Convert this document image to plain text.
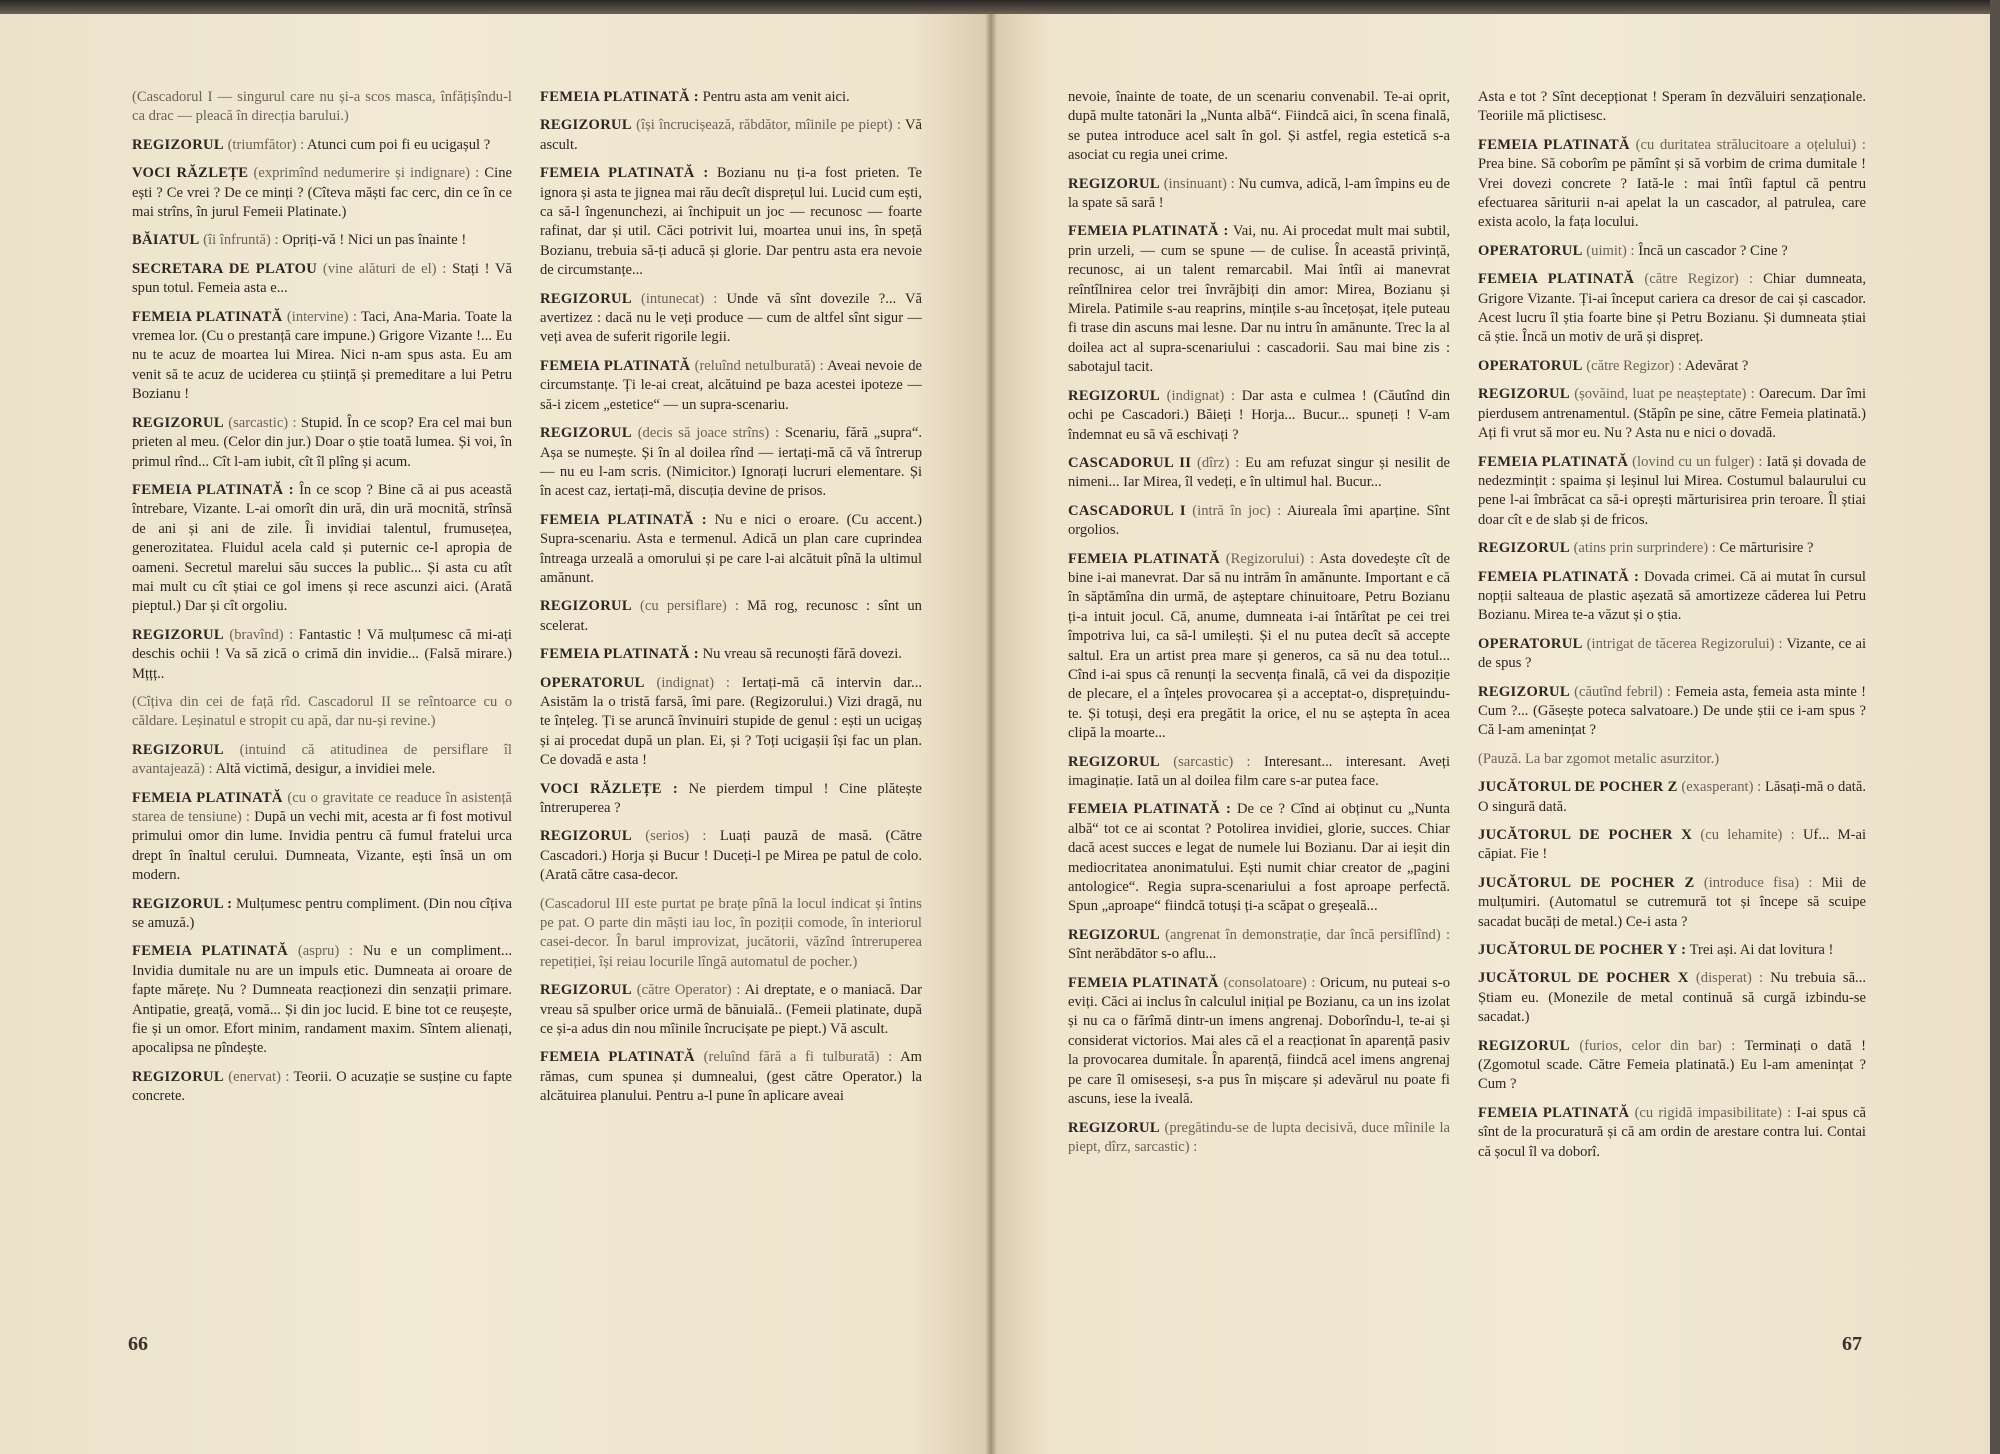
(Cascadorul I — singurul care nu și-a scos masca, înfățișîndu-l ca drac — pleacă în direcția barului.)

REGIZORUL (triumfător) : Atunci cum poi fi eu ucigașul ?

VOCI RĂZLEȚE (exprimînd nedumerire și indignare) : Cine ești ? Ce vrei ? De ce minți ? (Cîteva măști fac cerc, din ce în ce mai strîns, în jurul Femeii Platinate.)

BĂIATUL (îi înfruntă) : Opriți-vă ! Nici un pas înainte !

SECRETARA DE PLATOU (vine alături de el) : Stați ! Vă spun totul. Femeia asta e...

FEMEIA PLATINATĂ (intervine) : Taci, Ana-Maria. Toate la vremea lor. (Cu o prestanță care impune.) Grigore Vizante !... Eu nu te acuz de moartea lui Mirea. Nici n-am spus asta. Eu am venit să te acuz de uciderea cu știință și premeditare a lui Petru Bozianu !

REGIZORUL (sarcastic) : Stupid. În ce scop? Era cel mai bun prieten al meu. (Celor din jur.) Doar o știe toată lumea. Și voi, în primul rînd... Cît l-am iubit, cît îl plîng și acum.

FEMEIA PLATINATĂ : În ce scop ? Bine că ai pus această întrebare, Vizante. L-ai omorît din ură, din ură mocnită, strînsă de ani și ani de zile. Îi invidiai talentul, frumusețea, generozitatea. Fluidul acela cald și puternic ce-l apropia de oameni. Secretul marelui său succes la public... Și asta cu atît mai mult cu cît știai ce gol imens și rece ascunzi aici. (Arată pieptul.) Dar și cît orgoliu.

REGIZORUL (bravînd) : Fantastic ! Vă mulțumesc că mi-ați deschis ochii ! Va să zică o crimă din invidie... (Falsă mirare.) Mțțț..

(Cîțiva din cei de față rîd. Cascadorul II se reîntoarce cu o căldare. Leșinatul e stropit cu apă, dar nu-și revine.)

REGIZORUL (intuind că atitudinea de persiflare îl avantajează) : Altă victimă, desigur, a invidiei mele.

FEMEIA PLATINATĂ (cu o gravitate ce readuce în asistență starea de tensiune) : După un vechi mit, acesta ar fi fost motivul primului omor din lume. Invidia pentru că fumul fratelui urca drept în înaltul cerului. Dumneata, Vizante, ești însă un om modern.

REGIZORUL : Mulțumesc pentru compliment. (Din nou cîțiva se amuză.)

FEMEIA PLATINATĂ (aspru) : Nu e un compliment... Invidia dumitale nu are un impuls etic. Dumneata ai oroare de fapte mărețe. Nu ? Dumneata reacționezi din senzații primare. Antipatie, greață, vomă... Și din joc lucid. E bine tot ce reușește, fie și un omor. Efort minim, randament maxim. Sîntem alienați, apocalipsa ne pîndește.

REGIZORUL (enervat) : Teorii. O acuzație se susține cu fapte concrete.

FEMEIA PLATINATĂ : Pentru asta am venit aici.

REGIZORUL (își încrucișează, răbdător, mîinile pe piept) : Vă ascult.

FEMEIA PLATINATĂ : Bozianu nu ți-a fost prieten. Te ignora și asta te jignea mai rău decît disprețul lui. Lucid cum ești, ca să-l îngenunchezi, ai închipuit un joc — recunosc — foarte rafinat, dar și util. Căci potrivit lui, moartea unui ins, în speță Bozianu, trebuia să-ți aducă și glorie. Dar pentru asta era nevoie de circumstanțe...

REGIZORUL (intunecat) : Unde vă sînt dovezile ?... Vă avertizez : dacă nu le veți produce — cum de altfel sînt sigur — veți avea de suferit rigorile legii.

FEMEIA PLATINATĂ (reluînd netulburată) : Aveai nevoie de circumstanțe. Ți le-ai creat, alcătuind pe baza acestei ipoteze — să-i zicem „estetice“ — un supra-scenariu.

REGIZORUL (decis să joace strîns) : Scenariu, fără „supra“. Așa se numește. Și în al doilea rînd — iertați-mă că vă întrerup — nu eu l-am scris. (Nimicitor.) Ignorați lucruri elementare. Și în acest caz, iertați-mă, discuția devine de prisos.

FEMEIA PLATINATĂ : Nu e nici o eroare. (Cu accent.) Supra-scenariu. Asta e termenul. Adică un plan care cuprindea întreaga urzeală a omorului și pe care l-ai alcătuit pînă la ultimul amănunt.

REGIZORUL (cu persiflare) : Mă rog, recunosc : sînt un scelerat.

FEMEIA PLATINATĂ : Nu vreau să recunoști fără dovezi.

OPERATORUL (indignat) : Iertați-mă că intervin dar... Asistăm la o tristă farsă, îmi pare. (Regizorului.) Vizi dragă, nu te înțeleg. Ți se aruncă învinuiri stupide de genul : ești un ucigaș și ai procedat după un plan. Ei, și ? Toți ucigașii își fac un plan. Ce dovadă e asta !

VOCI RĂZLEȚE : Ne pierdem timpul ! Cine plătește întreruperea ?

REGIZORUL (serios) : Luați pauză de masă. (Către Cascadori.) Horja și Bucur ! Duceți-l pe Mirea pe patul de colo. (Arată către casa-decor.

(Cascadorul III este purtat pe brațe pînă la locul indicat și întins pe pat. O parte din măști iau loc, în poziții comode, în interiorul casei-decor. În barul improvizat, jucătorii, văzînd întreruperea repetiției, își reiau locurile lîngă automatul de pocher.)

REGIZORUL (către Operator) : Ai dreptate, e o maniacă. Dar vreau să spulber orice urmă de bănuială.. (Femeii platinate, după ce și-a adus din nou mîinile încrucișate pe piept.) Vă ascult.

FEMEIA PLATINATĂ (reluînd fără a fi tulburată) : Am rămas, cum spunea și dumnealui, (gest către Operator.) la alcătuirea planului. Pentru a-l pune în aplicare aveai

66

nevoie, înainte de toate, de un scenariu convenabil. Te-ai oprit, după multe tatonări la „Nunta albă“. Fiindcă aici, în scena finală, se putea introduce acel salt în gol. Și astfel, regia estetică s-a asociat cu regia unei crime.

REGIZORUL (insinuant) : Nu cumva, adică, l-am împins eu de la spate să sară !

FEMEIA PLATINATĂ : Vai, nu. Ai procedat mult mai subtil, prin urzeli, — cum se spune — de culise. În această privință, recunosc, ai un talent remarcabil. Mai întîi ai manevrat reîntîlnirea celor trei învrăjbiți din amor: Mirea, Bozianu și Mirela. Patimile s-au reaprins, mințile s-au încețoșat, ițele puteau fi trase din ascuns mai lesne. Dar nu intru în amănunte. Trec la al doilea act al supra-scenariului : cascadorii. Sau mai bine zis : sabotajul tacit.

REGIZORUL (indignat) : Dar asta e culmea ! (Căutînd din ochi pe Cascadori.) Băieți ! Horja... Bucur... spuneți ! V-am îndemnat eu să vă eschivați ?

CASCADORUL II (dîrz) : Eu am refuzat singur și nesilit de nimeni... Iar Mirea, îl vedeți, e în ultimul hal. Bucur...

CASCADORUL I (intră în joc) : Aiureala îmi aparține. Sînt orgolios.

FEMEIA PLATINATĂ (Regizorului) : Asta dovedește cît de bine i-ai manevrat. Dar să nu intrăm în amănunte. Important e că în săptămîna din urmă, de așteptare chinuitoare, Petru Bozianu ți-a intuit jocul. Că, anume, dumneata i-ai întărîtat pe cei trei împotriva lui, ca să-l umilești. Și el nu putea decît să accepte saltul. Era un artist prea mare și generos, ca să nu dea totul... Cînd i-ai spus că renunți la secvența finală, că vei da dispoziție de plecare, el a înțeles provocarea și a acceptat-o, disprețuindu-te. Și totuși, deși era pregătit la orice, el nu se aștepta în acea clipă la moarte...

REGIZORUL (sarcastic) : Interesant... interesant. Aveți imaginație. Iată un al doilea film care s-ar putea face.

FEMEIA PLATINATĂ : De ce ? Cînd ai obținut cu „Nunta albă“ tot ce ai scontat ? Potolirea invidiei, glorie, succes. Chiar dacă acest succes e legat de numele lui Bozianu. Dar ai ieșit din mediocritatea anonimatului. Ești numit chiar creator de „pagini antologice“. Regia supra-scenariului a fost aproape perfectă. Spun „aproape“ fiindcă totuși ți-a scăpat o greșeală...

REGIZORUL (angrenat în demonstrație, dar încă persiflînd) : Sînt nerăbdător s-o aflu...

FEMEIA PLATINATĂ (consolatoare) : Oricum, nu puteai s-o eviți. Căci ai inclus în calculul inițial pe Bozianu, ca un ins izolat și nu ca o fărîmă dintr-un imens angrenaj. Doborîndu-l, te-ai și considerat victorios. Mai ales că el a reacționat în aparență pasiv la provocarea dumitale. În aparență, fiindcă acel imens angrenaj pe care îl omiseseși, s-a pus în mișcare și adevărul nu poate fi ascuns, iese la iveală.

REGIZORUL (pregătindu-se de lupta decisivă, duce mîinile la piept, dîrz, sarcastic) :

Asta e tot ? Sînt decepționat ! Speram în dezvăluiri senzaționale. Teoriile mă plictisesc.

FEMEIA PLATINATĂ (cu duritatea strălucitoare a oțelului) : Prea bine. Să coborîm pe pămînt și să vorbim de crima dumitale ! Vrei dovezi concrete ? Iată-le : mai întîi faptul că pentru efectuarea săriturii n-ai apelat la un cascador, al patrulea, care exista acolo, la fața locului.

OPERATORUL (uimit) : Încă un cascador ? Cine ?

FEMEIA PLATINATĂ (către Regizor) : Chiar dumneata, Grigore Vizante. Ți-ai început cariera ca dresor de cai și cascador. Acest lucru îl știa foarte bine și Petru Bozianu. Și dumneata știai că știe. Încă un motiv de ură și dispreț.

OPERATORUL (către Regizor) : Adevărat ?

REGIZORUL (șovăind, luat pe neașteptate) : Oarecum. Dar îmi pierdusem antrenamentul. (Stăpîn pe sine, către Femeia platinată.) Ați fi vrut să mor eu. Nu ? Asta nu e nici o dovadă.

FEMEIA PLATINATĂ (lovind cu un fulger) : Iată și dovada de nedezmințit : spaima și leșinul lui Mirea. Costumul balaurului cu pene l-ai îmbrăcat ca să-i oprești mărturisirea prin teroare. Îl știai doar cît e de slab și de fricos.

REGIZORUL (atins prin surprindere) : Ce mărturisire ?

FEMEIA PLATINATĂ : Dovada crimei. Că ai mutat în cursul nopții salteaua de plastic așezată să amortizeze căderea lui Petru Bozianu. Mirea te-a văzut și o știa.

OPERATORUL (intrigat de tăcerea Regizorului) : Vizante, ce ai de spus ?

REGIZORUL (căutînd febril) : Femeia asta, femeia asta minte ! Cum ?... (Găsește poteca salvatoare.) De unde știi ce i-am spus ? Că l-am amenințat ?

(Pauză. La bar zgomot metalic asurzitor.)

JUCĂTORUL DE POCHER Z (exasperant) : Lăsați-mă o dată. O singură dată.

JUCĂTORUL DE POCHER X (cu lehamite) : Uf... M-ai căpiat. Fie !

JUCĂTORUL DE POCHER Z (introduce fisa) : Mii de mulțumiri. (Automatul se cutremură tot și începe să scuipe sacadat bucăți de metal.) Ce-i asta ?

JUCĂTORUL DE POCHER Y : Trei ași. Ai dat lovitura !

JUCĂTORUL DE POCHER X (disperat) : Nu trebuia să... Știam eu. (Monezile de metal continuă să curgă izbindu-se sacadat.)

REGIZORUL (furios, celor din bar) : Terminați o dată ! (Zgomotul scade. Către Femeia platinată.) Eu l-am amenințat ? Cum ?

FEMEIA PLATINATĂ (cu rigidă impasibilitate) : I-ai spus că sînt de la procuratură și că am ordin de arestare contra lui. Contai că șocul îl va doborî.

67
